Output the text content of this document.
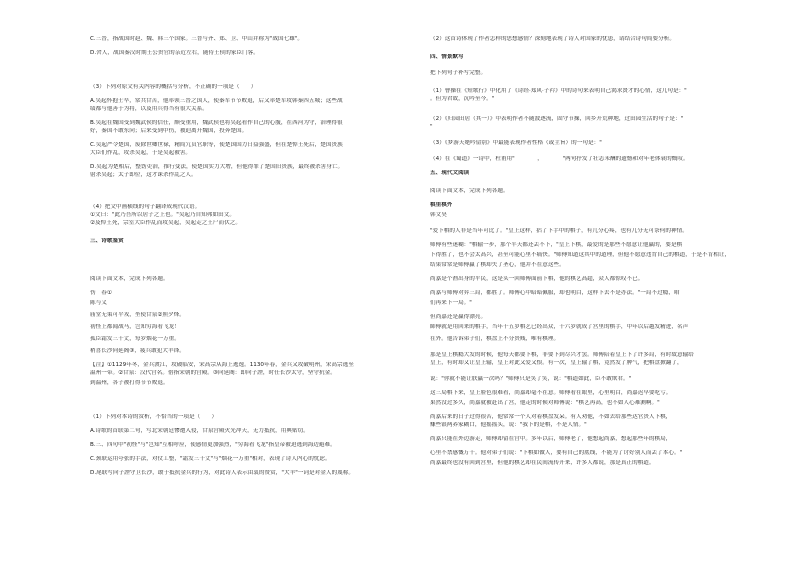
C.三晋，指战国时赵、魏、韩三个国家。三晋与齐、郑、卫、中山并称为"战国七雄"。
D.舍人，战国秦汉时期王公贵官的亲近左右，随侍王侯的家臣门客。
（3）下列对原文有关内容的概括与分析，不正确的一项是（　　）
A.吴起怀抱士卒，常共甘苦，他率领三晋之国人，使秦军节节败退，后又率楚军攻韩秦四五城；这些战
绩都与他善于为将，以及用兵得当有很大关系。
B.吴起在魏国受到魏武侯的信任，颇受重用，魏武侯也将吴起看作自己的心腹，在西河为守，治理得很
好，秦国不敢东向；后来受到中伤，被迫离开魏国，投奔楚国。
C.吴起严令楚国，废除世卿世禄，精简冗员官职等，使楚国国力日益强盛，但在楚悼王死后，楚国贵族
大臣们作乱，攻杀吴起，于是吴起被害。
D.吴起为楚相后，整饬吏治，推行变法，使楚国实力大增，但他得罪了楚国旧贵族，最终被杀害身亡。
射杀吴起；太子即位，这才诛杀作乱之人。
（4）把文中画横线的句子翻译成现代汉语。
①文曰："此乃吾所以居子之上也。"吴起乃自知弗如田文。
②及悼王死，宗室大臣作乱而攻吴起，吴起走之王尸而伏之。
三、诗歌鉴赏
阅读下面文本，完成下列各题。
伤　春①
陈与义
庙堂无策可平戎，坐使甘泉②照夕烽。
初怪上都闻战马，岂知穷海看飞龙！
孤臣霜发三千丈，每岁烟花一万重。
稍喜长沙向延阁③，疲兵敢犯犬羊锋。
【注】①1129年冬，金兵渡江，攻破临安，宋高宗从海上逃逸。1130年春，金兵又攻破明州，宋高宗逃至
温州一带。②甘泉：汉代宫名。借指宋朝的宫殿。③向延阁：即向子諲，时任长沙太守，坚守抗金。
到温州，各子被打得节节败退。
（1）下列对本诗的赏析，不恰当的一项是（　　）
A.诗歌的首联第二句，写北宋朝廷惨遭入侵，甘泉宫殿火光冲天，无力抵抗，用典贴切。
B.三、四句中"初怪"与"岂知"互相呼应，使感情更加强烈，"穷海看飞龙"指皇帝被迫逃到海边避难。
C.颈联运用夸张的手法，对仗工整，"霜发三千丈"与"烟花一万重"相对，表现了诗人内心的忧虑。
D.尾联写向子諲守卫长沙，敢于抵抗金兵的行为，对此诗人表示由衷的赞赏，"犬羊"一词是对金人的蔑称。
（2）这首诗体现了作者怎样的思想感情？深刻地表现了诗人对国家的忧患，请结合诗句简要分析。
四、情景默写
把下列句子补写完整。
（1）曹操在《短歌行》中化用了《诗经·郑风·子衿》中的诗句来表明自己渴求贤才的心情，这几句是："
。但为君故，沉吟至今。"
（2）《归园田居（其一）》中表明作者不随波逐流，固守节操，回乡开荒种地，过田园生活的句子是："
"
（3）《梦游天姥吟留别》中最能表现作者性格（或主旨）的一句是："
（4）在《蜀道》一诗中，杜甫用"　　　　，　　　　"两句抒发了壮志未酬的遗憾和对年老体衰的慨叹。
五、现代文阅读
阅读下面文本，完成下列各题。
棋里棋外
韩文昊
"爱下棋的人非是当年可比了。"皇上这样，拈了下手中的棋子，有几分心疼，也有几分无可奈何的神情。
师傅有些迷糊："棋输一步，那个半天都还丢不下，"皇上下棋，最爱的是那些不愿意让他赢的，要是棋
下得胜了，也不会太高兴，甚至可能心里不痛快。"师傅知道这其中的道理，但他不愿意违背自己的棋道，于是不肯相让，
结果常常是师傅赢了棋却失了圣心，他并不在意这些。
尚嘉是个渔出身的平民，这是头一回师傅面前下棋，他的棋艺高超，众人都惊叹不已。
尚嘉与师傅对弈三局，都胜了。师傅心中暗暗佩服，却也明白，这样下去不是办法。"一局不过瘾，咱
们再来下一局。"
但尚嘉还是赢得漂亮。
師傅就是用回来的棋手，当年十五岁棋艺已经出众，十六岁就成了宫里的棋手，中年以后越发精进，名声
在外。他告诉弟子们，棋盘上不分贵贱，唯有棋理。
那是皇上棋瘾大发的时候，他每天都要下棋，非要下到尽兴才罢。师傅陪着皇上下了许多局，有时故意输给
皇上，有时却又让皇上输，皇上对此又爱又恨。有一次，皇上输了棋，竟然发了脾气，把棋盘掀翻了，
说："你就不能让朕赢一次吗？"师傅只是笑了笑，说："棋道如此，臣不敢欺君。"
这三局棋下来，皇上脸色很难看，尚嘉却毫不在意。师傅看在眼里，心里明白，尚嘉迟早要吃亏。
果然没过多久，尚嘉就被赶出了宫，他走的时候对师傅说："棋艺再高，也不如人心难测啊。"
尚嘉后来的日子过得很苦，他常常一个人对着棋盘发呆。有人劝他，不如去给那些达官贵人下棋，
赚些银两养家糊口，他摇摇头，说："我下的是棋，不是人情。"
尚嘉只能在外边游走，师傅却留在宫中。多年以后，师傅老了，他想起尚嘉，想起那些年的棋局，
心里不禁感慨万千。他对弟子们说："下棋如做人，要有自己的底线，不能为了讨好别人而丢了本心。"
尚嘉最终也没有回到宫里，但他的棋艺却在民间流传开来，许多人都说，那是真正的棋道。
